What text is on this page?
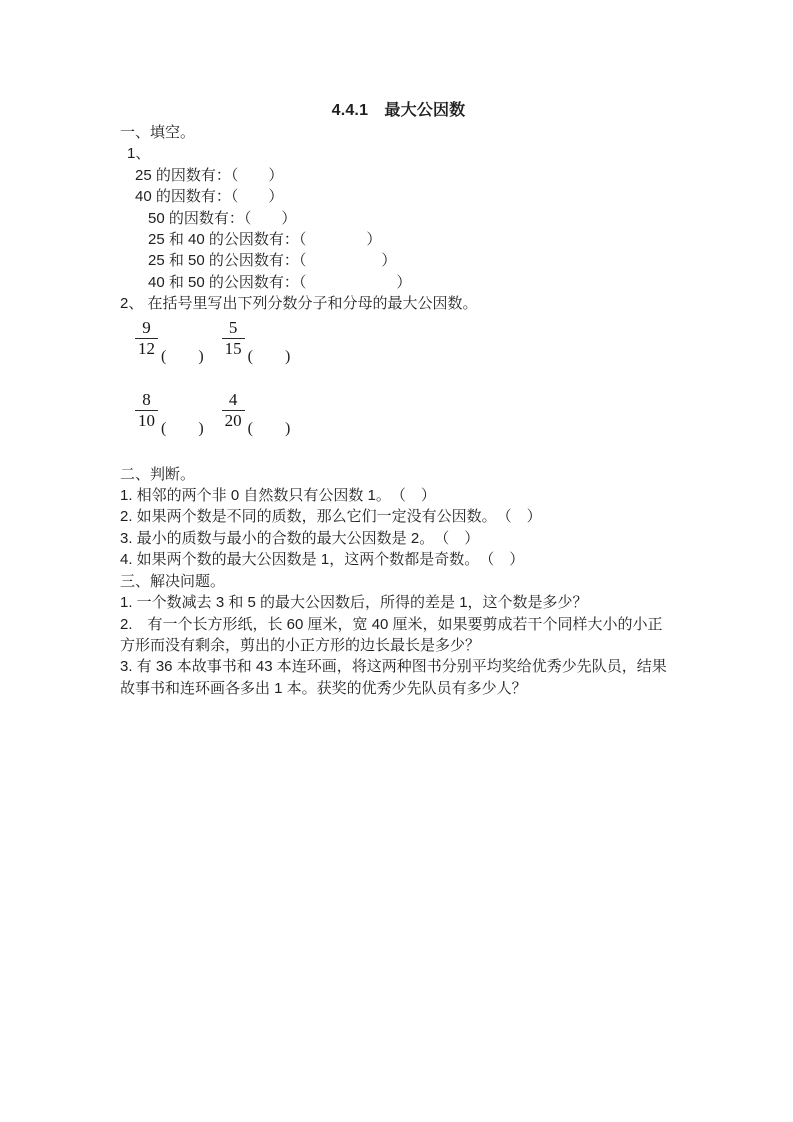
4.4.1　最大公因数
一、填空。
1、
25 的因数有：（　　）
40 的因数有：（　　）
50 的因数有：（　　）
25 和 40 的公因数有：（　　　　）
25 和 50 的公因数有：（　　　　　）
40 和 50 的公因数有：（　　　　　　）
2、 在括号里写出下列分数分子和分母的最大公因数。
$\frac{9}{12}$ (　　) $\frac{5}{15}$ (　　)
$\frac{8}{10}$ (　　) $\frac{4}{20}$ (　　)
二、判断。
1. 相邻的两个非 0 自然数只有公因数 1。　（　）
2. 如果两个数是不同的质数，那么它们一定没有公因数。　（　）
3. 最小的质数与最小的合数的最大公因数是 2。　（　）
4. 如果两个数的最大公因数是 1，这两个数都是奇数。　（　）
三、解决问题。
1. 一个数减去 3 和 5 的最大公因数后，所得的差是 1，这个数是多少？
2.　有一个长方形纸，长 60 厘米，宽 40 厘米，如果要剪成若干个同样大小的小正方形而没有剩余，剪出的小正方形的边长最长是多少？
3. 有 36 本故事书和 43 本连环画，将这两种图书分别平均奖给优秀少先队员，结果故事书和连环画各多出 1 本。获奖的优秀少先队员有多少人？
